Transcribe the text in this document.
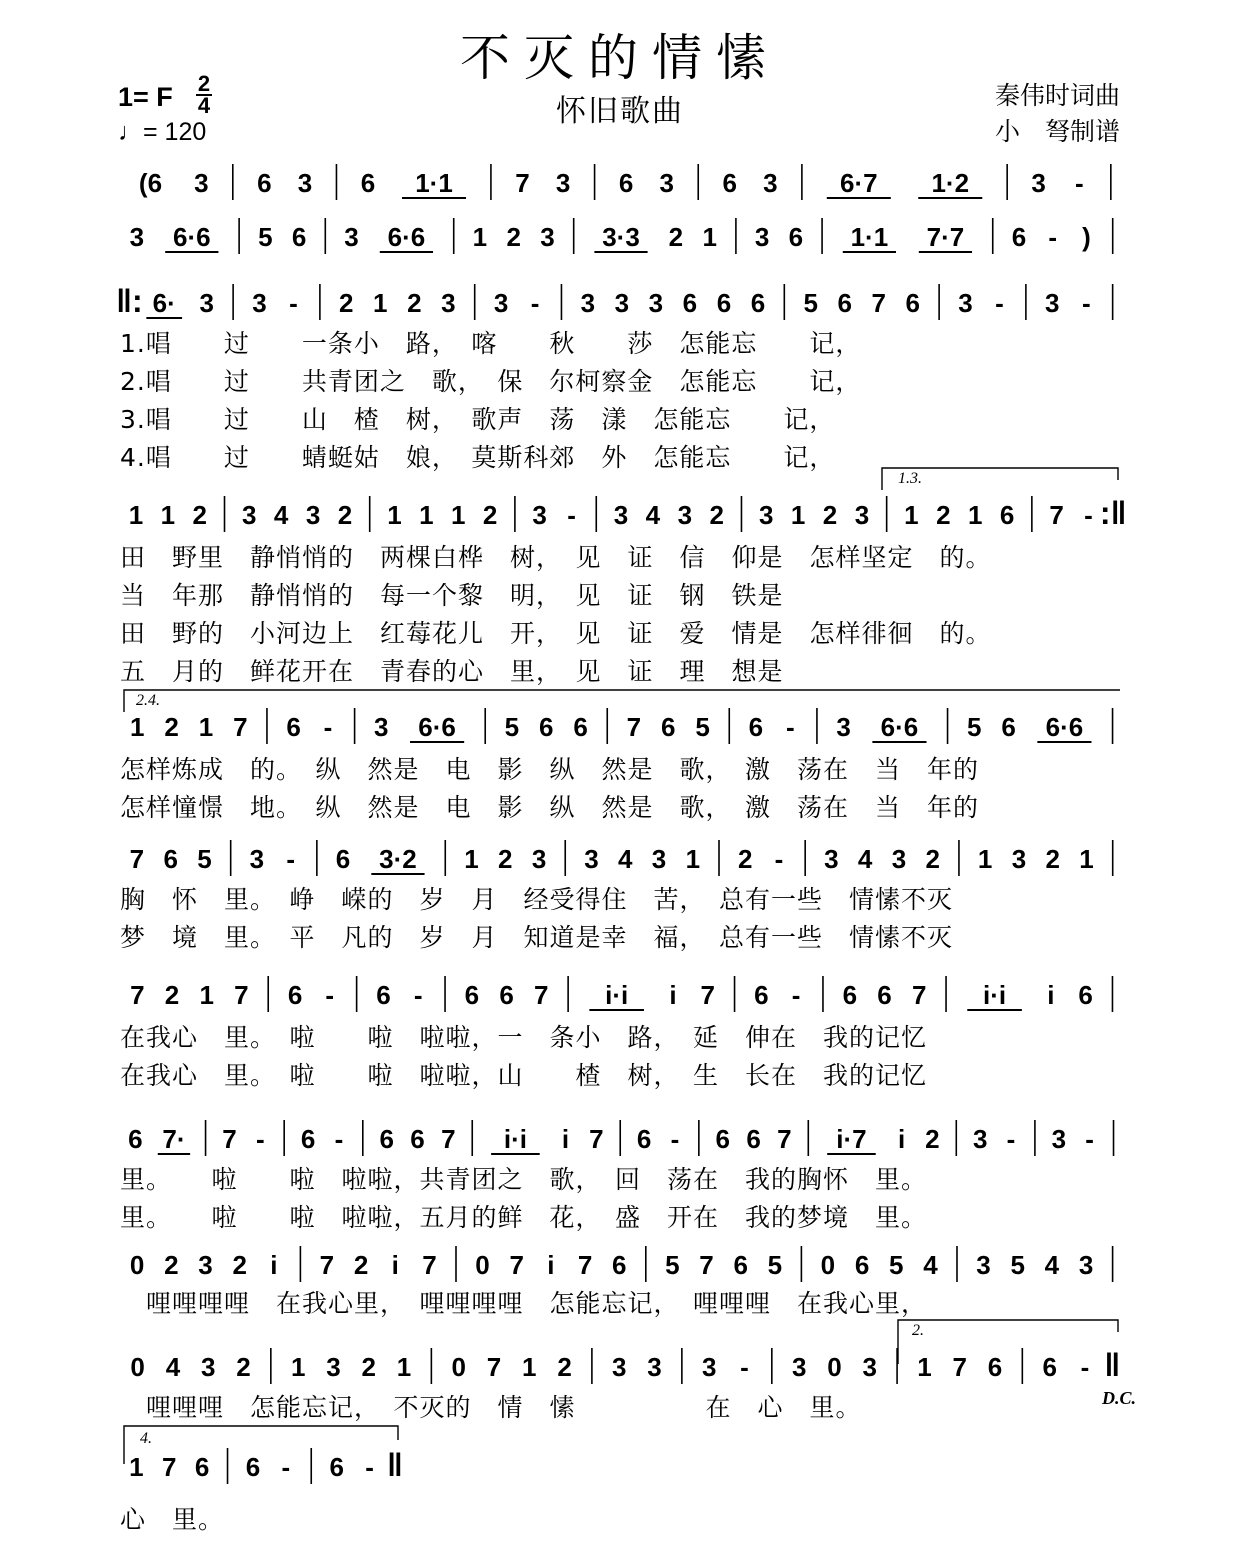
不灭的情愫
怀旧歌曲
1= F 2
4
♩= 120
秦伟时词曲
小　弩制谱
(6 3 6 3 6 1·1 7 3 6 3 6 3 6·7 1·2 3 -
3 6·6 5 6 3 6·6 1 2 3 3·3 2 1 3 6 1·1 7·7 6 - )
‖: 6· 3 3 - 2 1 2 3 3 - 3 3 3 6 6 6 5 6 7 6 3 - 3 -
1 1 2 3 4 3 2 1 1 1 2 3 - 3 4 3 2 3 1 2 3 1 2 1 6 7 - :‖
1 2 1 7 6 - 3 6·6 5 6 6 7 6 5 6 - 3 6·6 5 6 6·6
7 6 5 3 - 6 3·2 1 2 3 3 4 3 1 2 - 3 4 3 2 1 3 2 1
7 2 1 7 6 - 6 - 6 6 7 i·i i 7 6 - 6 6 7 i·i i 6
6 7· 7 - 6 - 6 6 7 i·i i 7 6 - 6 6 7 i·7 i 2 3 - 3 -
0 2 3 2 i 7 2 i 7 0 7 i 7 6 5 7 6 5 0 6 5 4 3 5 4 3
0 4 3 2 1 3 2 1 0 7 1 2 3 3 3 - 3 0 3 1 7 6 6 - ‖
1 7 6 6 - 6 - ‖
1.3.
2.4.
2.
4.
D.C.
1.唱　　过　　一条小　路，　喀　　秋　　莎　怎能忘　　记，
2.唱　　过　　共青团之　歌，　保　尔柯察金　怎能忘　　记，
3.唱　　过　　山　楂　树，　歌声　荡　漾　怎能忘　　记，
4.唱　　过　　蜻蜓姑　娘，　莫斯科郊　外　怎能忘　　记，
田　野里　静悄悄的　两棵白桦　树，　见　证　信　仰是　怎样坚定　的。
当　年那　静悄悄的　每一个黎　明，　见　证　钢　铁是
田　野的　小河边上　红莓花儿　开，　见　证　爱　情是　怎样徘徊　的。
五　月的　鲜花开在　青春的心　里，　见　证　理　想是
怎样炼成　的。　纵　然是　电　影　纵　然是　歌，　激　荡在　当　年的
怎样憧憬　地。　纵　然是　电　影　纵　然是　歌，　激　荡在　当　年的
胸　怀　里。　峥　嵘的　岁　月　经受得住　苦，　总有一些　情愫不灭
梦　境　里。　平　凡的　岁　月　知道是幸　福，　总有一些　情愫不灭
在我心　里。　啦　　啦　啦啦，一　条小　路，　延　伸在　我的记忆
在我心　里。　啦　　啦　啦啦，山　　楂　树，　生　长在　我的记忆
里。　　啦　　啦　啦啦，共青团之　歌，　回　荡在　我的胸怀　里。
里。　　啦　　啦　啦啦，五月的鲜　花，　盛　开在　我的梦境　里。
　哩哩哩哩　在我心里，　哩哩哩哩　怎能忘记，　哩哩哩　在我心里，
　哩哩哩　怎能忘记，　不灭的　情　愫　　　　　在　心　里。
心　里。
